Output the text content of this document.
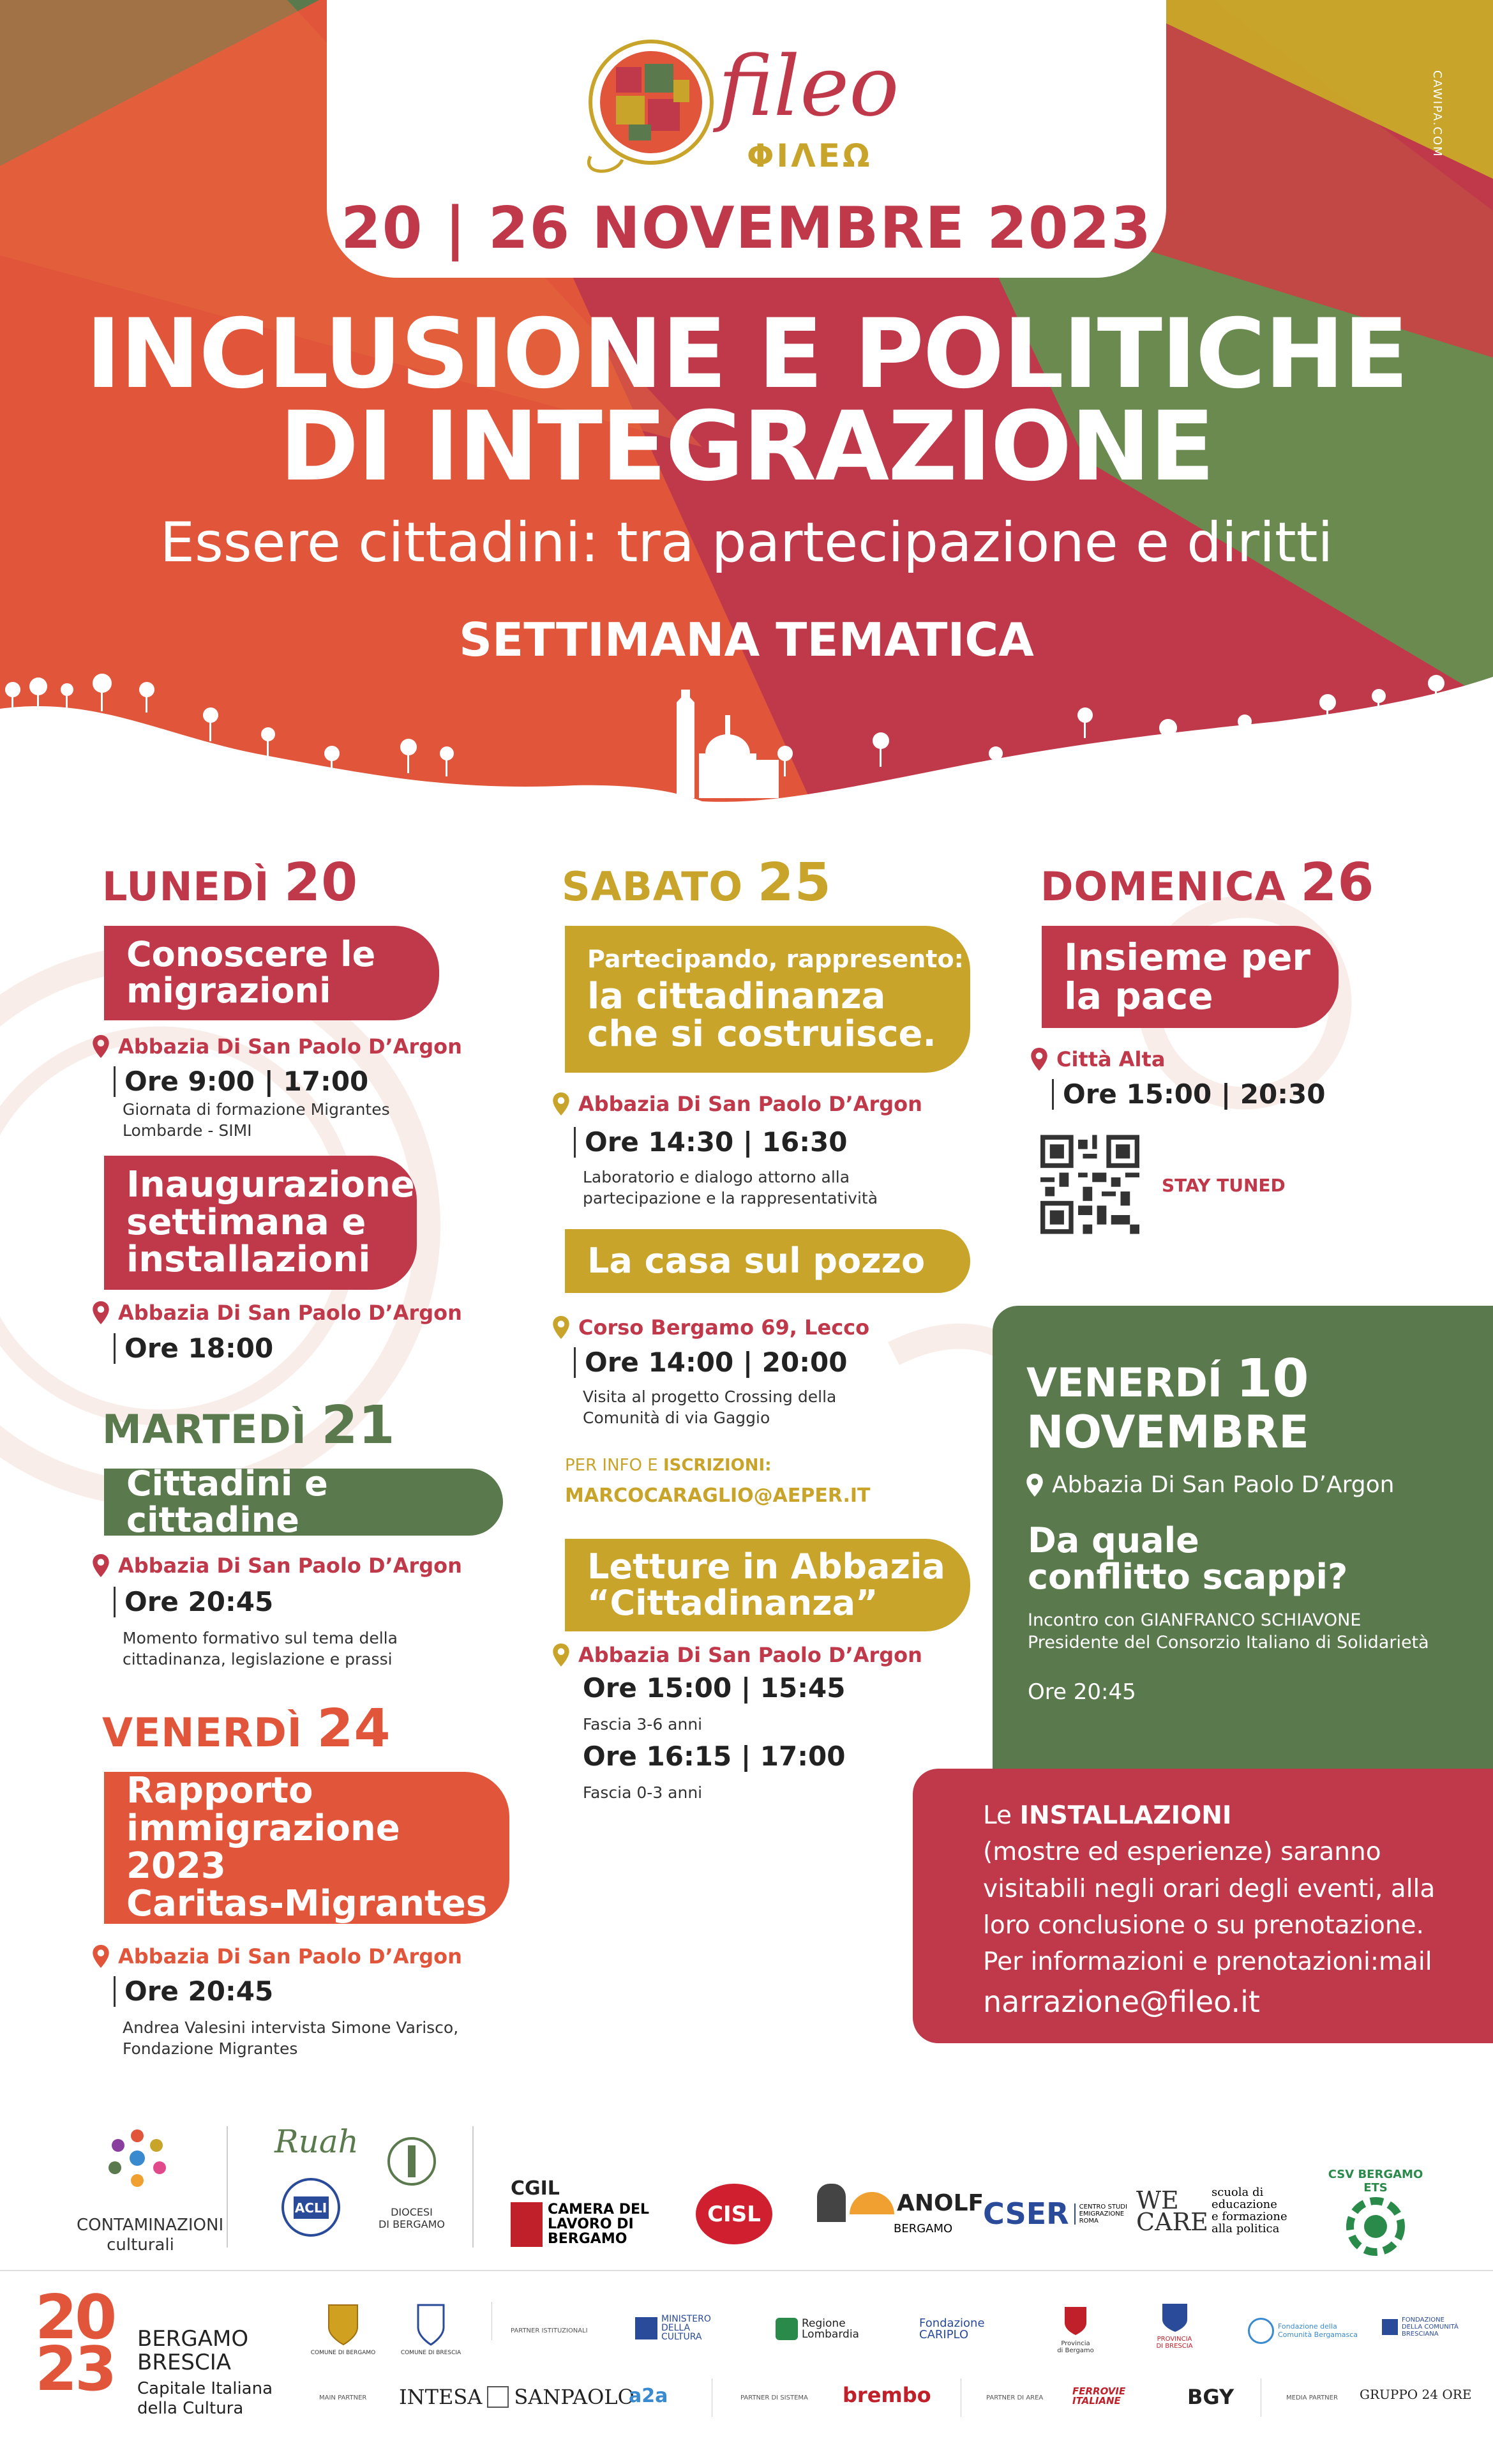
fileo
ΦΙΛΕΩ	CAWIPA.COM
20 | 26 NOVEMBRE 2023
INCLUSIONE E POLITICHE
DI INTEGRAZIONE
Essere cittadini: tra partecipazione e diritti
SETTIMANA TEMATICA
LUNEDÌ 20
Conoscere le
migrazioni
Abbazia Di San Paolo D’Argon
Ore 9:00 | 17:00
Giornata di formazione Migrantes
Lombarde - SIMI
Inaugurazione
settimana e
installazioni
Abbazia Di San Paolo D’Argon
Ore 18:00
MARTEDÌ 21
Cittadini e cittadine
Abbazia Di San Paolo D’Argon
Ore 20:45
Momento formativo sul tema della
cittadinanza, legislazione e prassi
VENERDÌ 24
Rapporto
immigrazione 2023
Caritas-Migrantes
Abbazia Di San Paolo D’Argon
Ore 20:45
Andrea Valesini intervista Simone Varisco,
Fondazione Migrantes
SABATO 25
Partecipando, rappresento:
la cittadinanza
che si costruisce.
Abbazia Di San Paolo D’Argon
Ore 14:30 | 16:30
Laboratorio e dialogo attorno alla
partecipazione e la rappresentatività
La casa sul pozzo
Corso Bergamo 69, Lecco
Ore 14:00 | 20:00
Visita al progetto Crossing della
Comunità di via Gaggio
PER INFO E ISCRIZIONI:
MARCOCARAGLIO@AEPER.IT
Letture in Abbazia
“Cittadinanza”
Abbazia Di San Paolo D’Argon
Ore 15:00 | 15:45
Fascia 3-6 anni
Ore 16:15 | 17:00
Fascia 0-3 anni
DOMENICA 26
Insieme per
la pace
Città Alta
Ore 15:00 | 20:30
STAY TUNED
VENERDÍ 10
NOVEMBRE
Abbazia Di San Paolo D’Argon
Da quale
conflitto scappi?
Incontro con GIANFRANCO SCHIAVONE
Presidente del Consorzio Italiano di Solidarietà
Ore 20:45
Le INSTALLAZIONI
(mostre ed esperienze) saranno
visitabili negli orari degli eventi, alla
loro conclusione o su prenotazione.
Per informazioni e prenotazioni:mail
narrazione@fileo.it
CONTAMINAZIONI
culturali
Ruah
ACLI	DIOCESI
DI BERGAMO
CGIL
CAMERA DEL
LAVORO DI
BERGAMO
CISL	ANOLF
BERGAMO	CSER	CENTRO STUDI
EMIGRAZIONE
ROMA
WE CARE
scuola di
educazione
e formazione
alla politica
CSV BERGAMO ETS
2023	BERGAMO
BRESCIA
Capitale Italiana
della Cultura
COMUNE DI BERGAMO	COMUNE DI BRESCIA
PARTNER ISTITUZIONALI
MINISTERO
DELLA
CULTURA
Regione
Lombardia
Fondazione
CARIPLO
Provincia
di Bergamo
PROVINCIA
DI BRESCIA
Fondazione della
Comunità Bergamasca
FONDAZIONE
DELLA COMUNITÀ
BRESCIANA
MAIN PARTNER INTESA SANPAOLO
a2a	PARTNER DI SISTEMA brembo	PARTNER DI AREA
FERROVIE
ITALIANE	BGY	MEDIA PARTNER GRUPPO 24 ORE
